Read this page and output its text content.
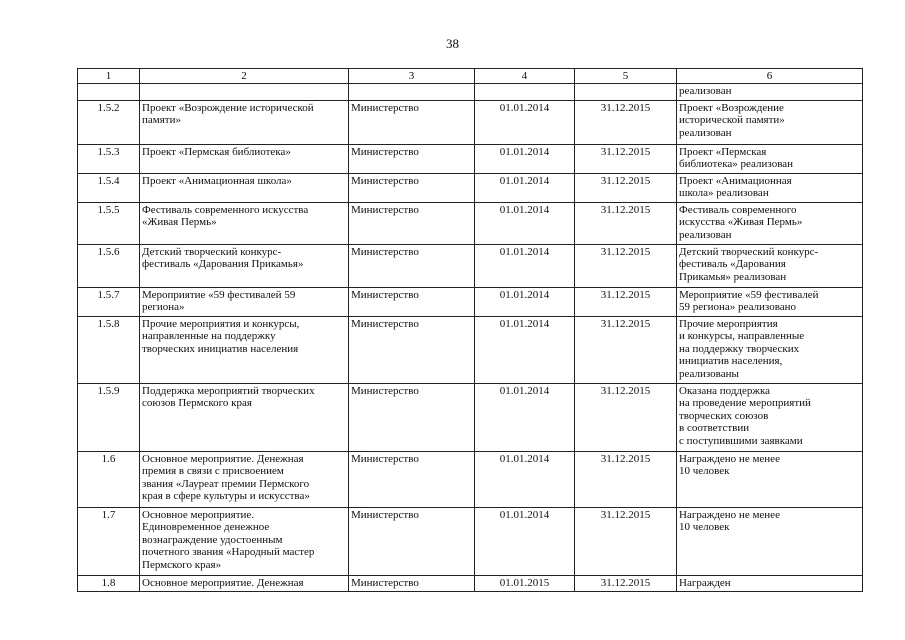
38
1	2	3	4	5	6
					реализован
1.5.2	Проект «Возрождение исторической памяти»	Министерство	01.01.2014	31.12.2015	Проект «Возрождение
исторической памяти»
реализован
1.5.3	Проект «Пермская библиотека»	Министерство	01.01.2014	31.12.2015	Проект «Пермская
библиотека» реализован
1.5.4	Проект «Анимационная школа»	Министерство	01.01.2014	31.12.2015	Проект «Анимационная
школа» реализован
1.5.5	Фестиваль современного искусства
«Живая Пермь»	Министерство	01.01.2014	31.12.2015	Фестиваль современного
искусства «Живая Пермь»
реализован
1.5.6	Детский творческий конкурс-
фестиваль «Дарования Прикамья»	Министерство	01.01.2014	31.12.2015	Детский творческий конкурс-
фестиваль «Дарования
Прикамья» реализован
1.5.7	Мероприятие «59 фестивалей 59
региона»	Министерство	01.01.2014	31.12.2015	Мероприятие «59 фестивалей
59 региона» реализовано
1.5.8	Прочие мероприятия и конкурсы,
направленные на поддержку
творческих инициатив населения	Министерство	01.01.2014	31.12.2015	Прочие мероприятия
и конкурсы, направленные
на поддержку творческих
инициатив населения,
реализованы
1.5.9	Поддержка мероприятий творческих
союзов Пермского края	Министерство	01.01.2014	31.12.2015	Оказана поддержка
на проведение мероприятий
творческих союзов
в соответствии
с поступившими заявками
1.6	Основное мероприятие. Денежная
премия в связи с присвоением
звания «Лауреат премии Пермского
края в сфере культуры и искусства»	Министерство	01.01.2014	31.12.2015	Награждено не менее
10 человек
1.7	Основное мероприятие.
Единовременное денежное
вознаграждение удостоенным
почетного звания «Народный мастер
Пермского края»	Министерство	01.01.2014	31.12.2015	Награждено не менее
10 человек
1.8	Основное мероприятие. Денежная	Министерство	01.01.2015	31.12.2015	Награжден
